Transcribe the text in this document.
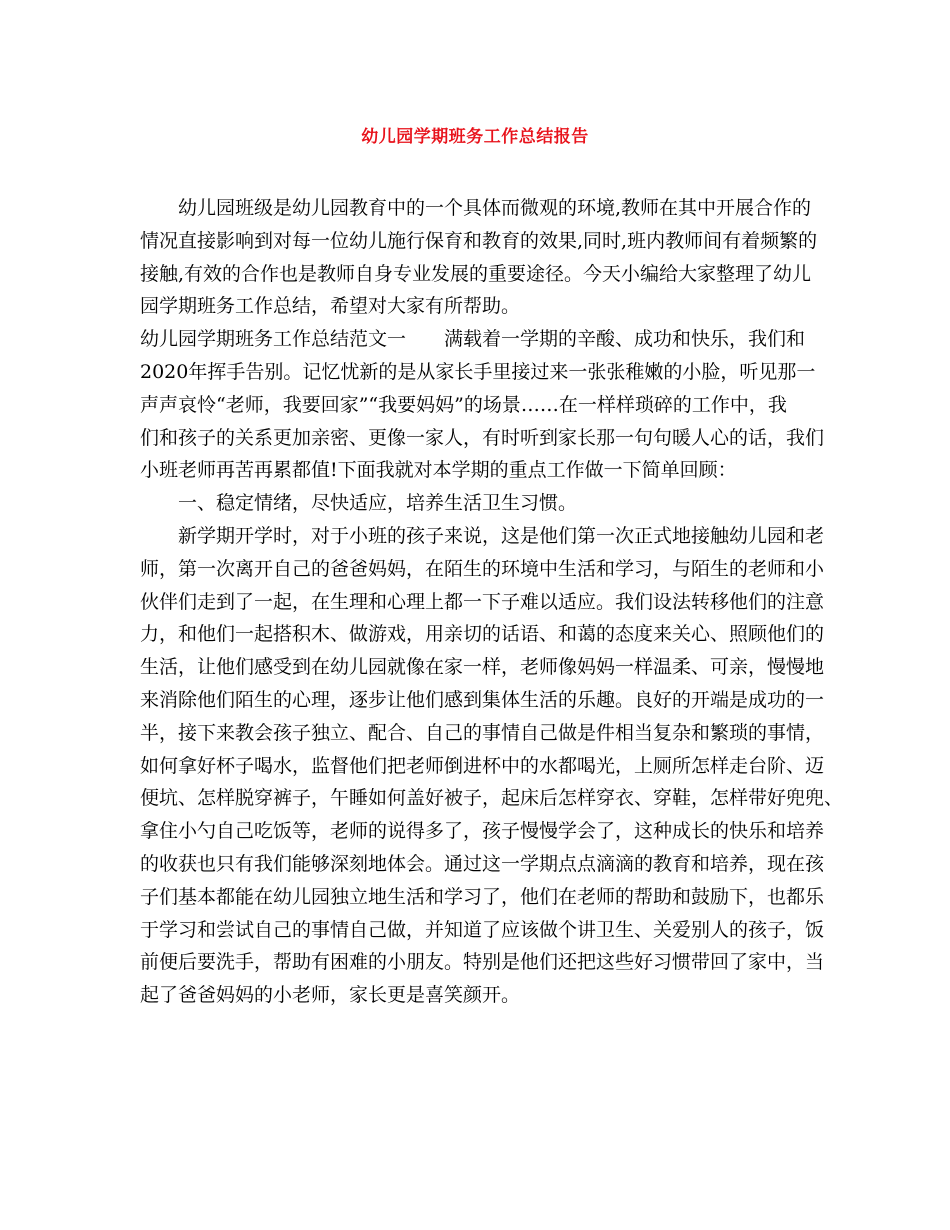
幼儿园学期班务工作总结报告
幼儿园班级是幼儿园教育中的一个具体而微观的环境,教师在其中开展合作的
情况直接影响到对每一位幼儿施行保育和教育的效果,同时,班内教师间有着频繁的
接触,有效的合作也是教师自身专业发展的重要途径。今天小编给大家整理了幼儿
园学期班务工作总结，希望对大家有所帮助。
幼儿园学期班务工作总结范文一　　满载着一学期的辛酸、成功和快乐，我们和
2020年挥手告别。记忆忧新的是从家长手里接过来一张张稚嫩的小脸，听见那一
声声哀怜“老师，我要回家”“我要妈妈”的场景……在一样样琐碎的工作中，我
们和孩子的关系更加亲密、更像一家人，有时听到家长那一句句暖人心的话，我们
小班老师再苦再累都值!下面我就对本学期的重点工作做一下简单回顾：
一、稳定情绪，尽快适应，培养生活卫生习惯。
新学期开学时，对于小班的孩子来说，这是他们第一次正式地接触幼儿园和老
师，第一次离开自己的爸爸妈妈，在陌生的环境中生活和学习，与陌生的老师和小
伙伴们走到了一起，在生理和心理上都一下子难以适应。我们设法转移他们的注意
力，和他们一起搭积木、做游戏，用亲切的话语、和蔼的态度来关心、照顾他们的
生活，让他们感受到在幼儿园就像在家一样，老师像妈妈一样温柔、可亲，慢慢地
来消除他们陌生的心理，逐步让他们感到集体生活的乐趣。良好的开端是成功的一
半，接下来教会孩子独立、配合、自己的事情自己做是件相当复杂和繁琐的事情，
如何拿好杯子喝水，监督他们把老师倒进杯中的水都喝光，上厕所怎样走台阶、迈
便坑、怎样脱穿裤子，午睡如何盖好被子，起床后怎样穿衣、穿鞋，怎样带好兜兜、
拿住小勺自己吃饭等，老师的说得多了，孩子慢慢学会了，这种成长的快乐和培养
的收获也只有我们能够深刻地体会。通过这一学期点点滴滴的教育和培养，现在孩
子们基本都能在幼儿园独立地生活和学习了，他们在老师的帮助和鼓励下，也都乐
于学习和尝试自己的事情自己做，并知道了应该做个讲卫生、关爱别人的孩子，饭
前便后要洗手，帮助有困难的小朋友。特别是他们还把这些好习惯带回了家中，当
起了爸爸妈妈的小老师，家长更是喜笑颜开。
